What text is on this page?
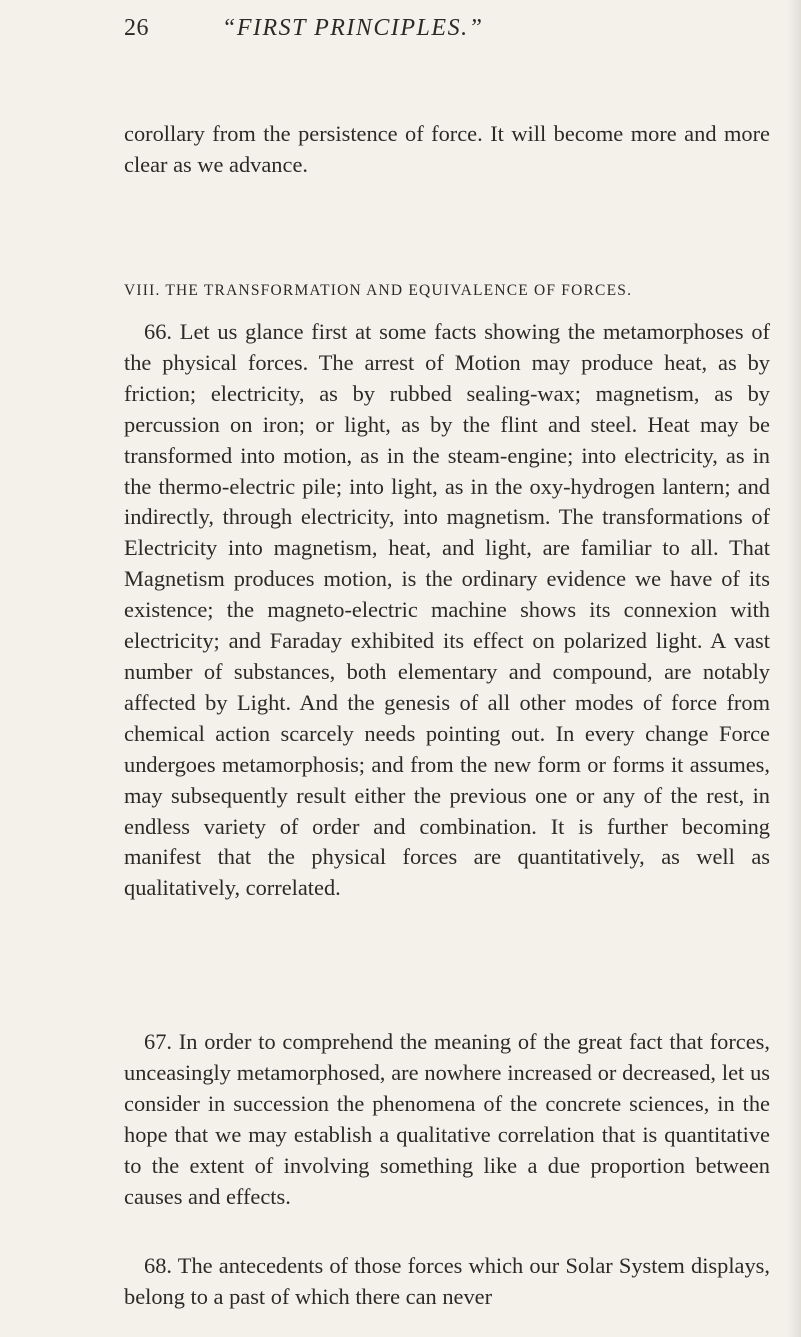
26	“FIRST PRINCIPLES.”

corollary from the persistence of force. It will become more and more clear as we advance.

VIII. THE TRANSFORMATION AND EQUIVALENCE OF FORCES.

66. Let us glance first at some facts showing the metamorphoses of the physical forces. The arrest of Motion may produce heat, as by friction; electricity, as by rubbed sealing-wax; magnetism, as by percussion on iron; or light, as by the flint and steel. Heat may be transformed into motion, as in the steam-engine; into electricity, as in the thermo-electric pile; into light, as in the oxy-hydrogen lantern; and indirectly, through electricity, into magnetism. The transformations of Electricity into magnetism, heat, and light, are familiar to all. That Magnetism produces motion, is the ordinary evidence we have of its existence; the magneto-electric machine shows its connexion with electricity; and Faraday exhibited its effect on polarized light. A vast number of substances, both elementary and compound, are notably affected by Light. And the genesis of all other modes of force from chemical action scarcely needs pointing out. In every change Force undergoes metamorphosis; and from the new form or forms it assumes, may subsequently result either the previous one or any of the rest, in endless variety of order and combination. It is further becoming manifest that the physical forces are quantitatively, as well as qualitatively, correlated.

67. In order to comprehend the meaning of the great fact that forces, unceasingly metamorphosed, are nowhere increased or decreased, let us consider in succession the phenomena of the concrete sciences, in the hope that we may establish a qualitative correlation that is quantitative to the extent of involving something like a due proportion between causes and effects.

68. The antecedents of those forces which our Solar System displays, belong to a past of which there can never
